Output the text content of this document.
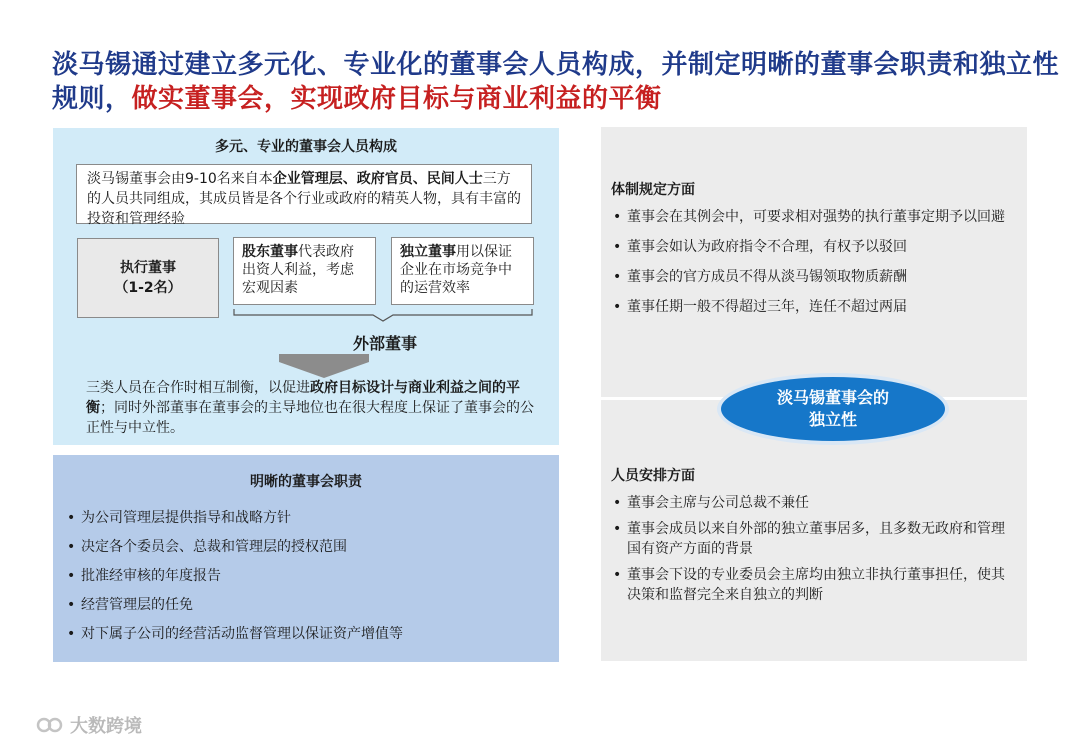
淡马锡通过建立多元化、专业化的董事会人员构成，并制定明晰的董事会职责和独立性规则，做实董事会，实现政府目标与商业利益的平衡
多元、专业的董事会人员构成
淡马锡董事会由9-10名来自本企业管理层、政府官员、民间人士三方的人员共同组成，其成员皆是各个行业或政府的精英人物，具有丰富的投资和管理经验
执行董事
（1-2名）
股东董事代表政府出资人利益，考虑宏观因素
独立董事用以保证企业在市场竞争中的运营效率
外部董事
三类人员在合作时相互制衡，以促进政府目标设计与商业利益之间的平衡；同时外部董事在董事会的主导地位也在很大程度上保证了董事会的公正性与中立性。
明晰的董事会职责
• 为公司管理层提供指导和战略方针
• 决定各个委员会、总裁和管理层的授权范围
• 批准经审核的年度报告
• 经营管理层的任免
• 对下属子公司的经营活动监督管理以保证资产增值等
体制规定方面
• 董事会在其例会中，可要求相对强势的执行董事定期予以回避
• 董事会如认为政府指令不合理，有权予以驳回
• 董事会的官方成员不得从淡马锡领取物质薪酬
• 董事任期一般不得超过三年，连任不超过两届
淡马锡董事会的
独立性
人员安排方面
• 董事会主席与公司总裁不兼任
• 董事会成员以来自外部的独立董事居多，且多数无政府和管理国有资产方面的背景
• 董事会下设的专业委员会主席均由独立非执行董事担任，使其决策和监督完全来自独立的判断
大数跨境
